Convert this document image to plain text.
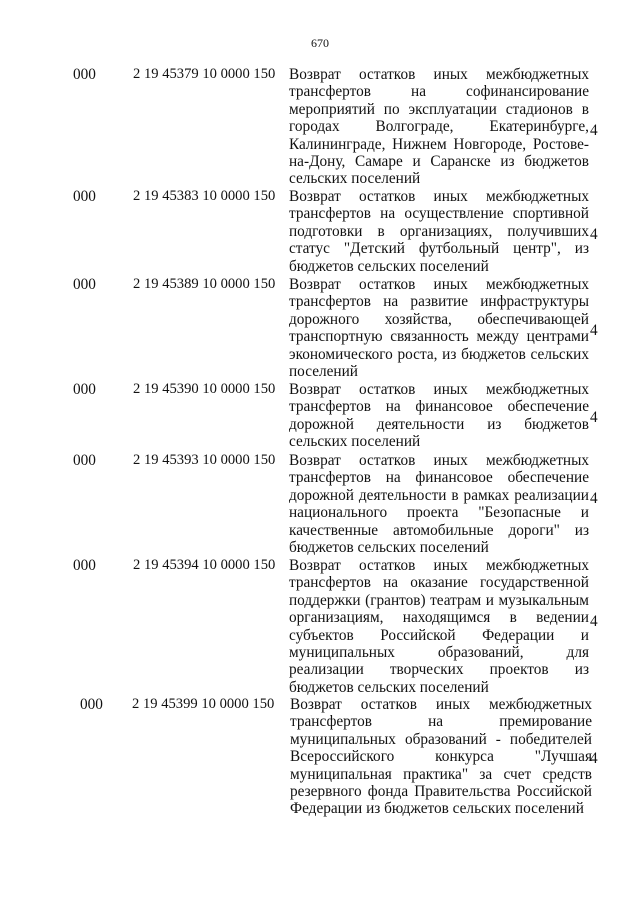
670
000	2 19 45379 10 0000 150 Возврат остатков иных межбюджетных трансфертов на софинансирование мероприятий по эксплуатации стадионов в городах Волгограде, Екатеринбурге, Калининграде, Нижнем Новгороде, Ростове-на-Дону, Самаре и Саранске из бюджетов сельских поселений
4
000	2 19 45383 10 0000 150 Возврат остатков иных межбюджетных трансфертов на осуществление спортивной подготовки в организациях, получивших статус "Детский футбольный центр", из бюджетов сельских поселений
4
000	2 19 45389 10 0000 150 Возврат остатков иных межбюджетных трансфертов на развитие инфраструктуры дорожного хозяйства, обеспечивающей транспортную связанность между центрами экономического роста, из бюджетов сельских поселений
4
000	2 19 45390 10 0000 150 Возврат остатков иных межбюджетных трансфертов на финансовое обеспечение дорожной деятельности из бюджетов сельских поселений
4
000	2 19 45393 10 0000 150 Возврат остатков иных межбюджетных трансфертов на финансовое обеспечение дорожной деятельности в рамках реализации национального проекта "Безопасные и качественные автомобильные дороги" из бюджетов сельских поселений
4
000	2 19 45394 10 0000 150 Возврат остатков иных межбюджетных трансфертов на оказание государственной поддержки (грантов) театрам и музыкальным организациям, находящимся в ведении субъектов Российской Федерации и муниципальных образований, для реализации творческих проектов из бюджетов сельских поселений
4
000	2 19 45399 10 0000 150	Возврат остатков иных межбюджетных трансфертов на премирование муниципальных образований - победителей Всероссийского конкурса "Лучшая муниципальная практика" за счет средств резервного фонда Правительства Российской Федерации из бюджетов сельских поселений
4
